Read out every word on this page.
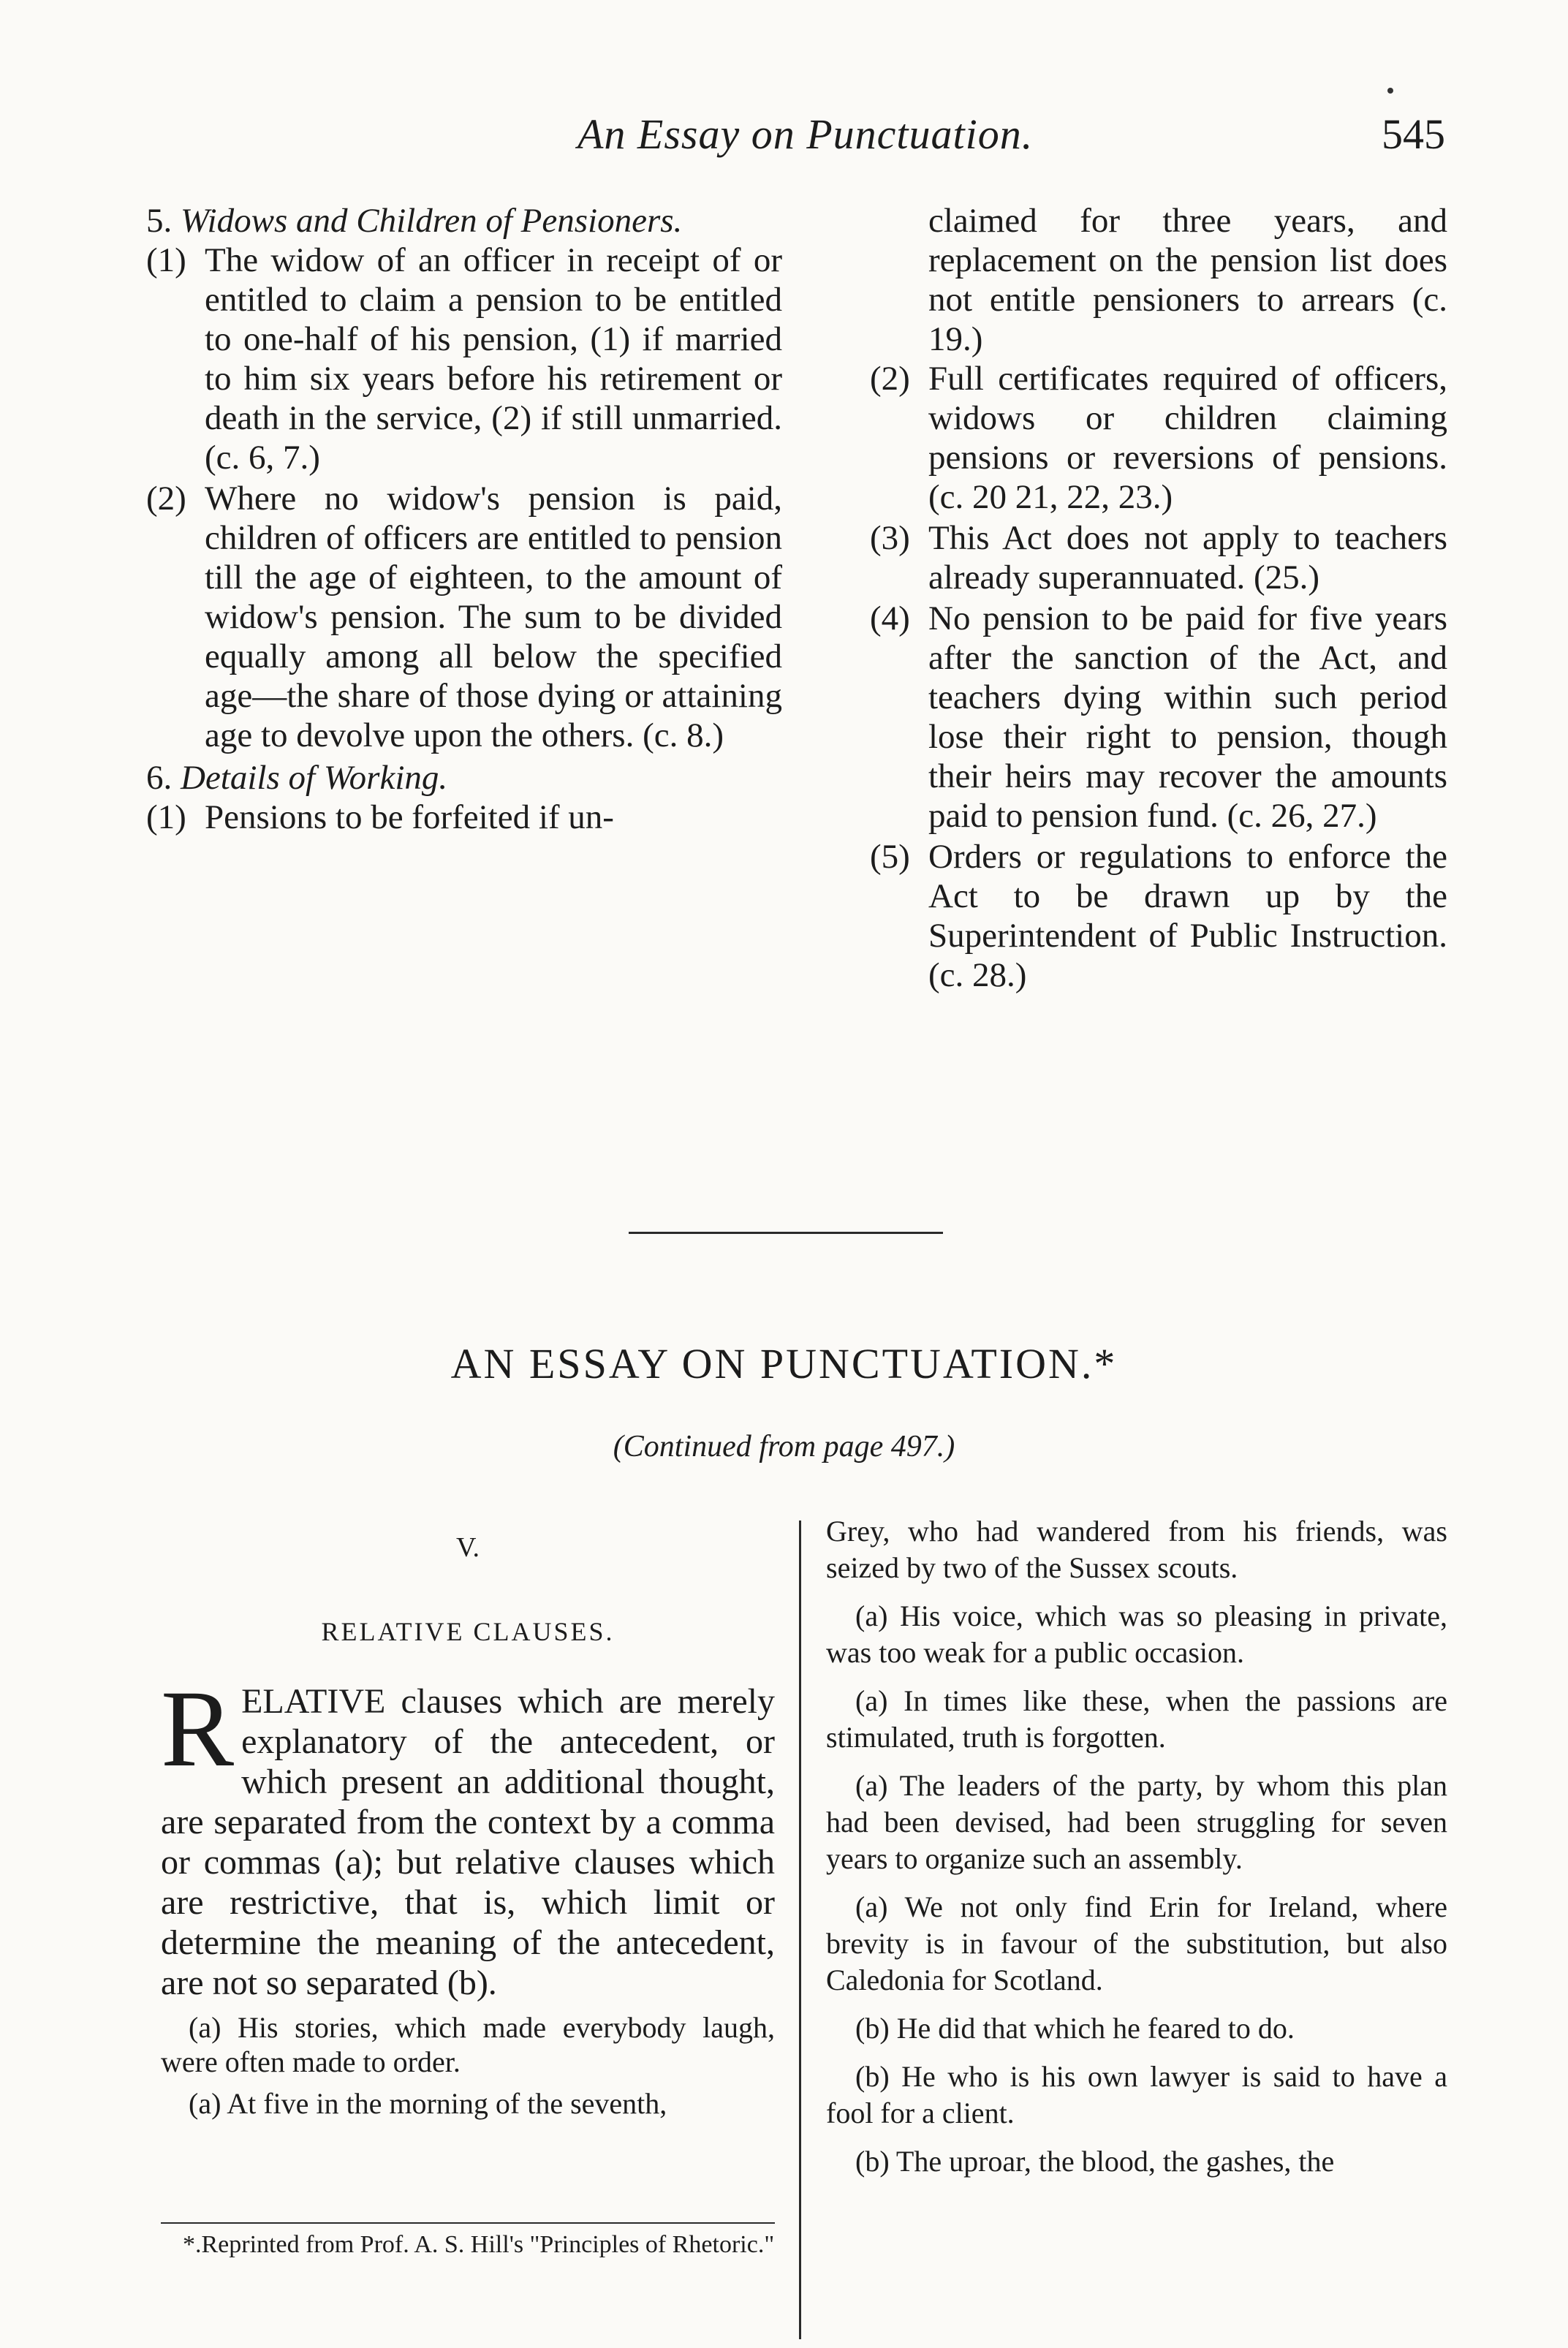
An Essay on Punctuation.	545

5. Widows and Children of Pensioners.

(1) The widow of an officer in receipt of or entitled to claim a pension to be entitled to one-half of his pension, (1) if married to him six years before his retirement or death in the service, (2) if still unmarried. (c. 6, 7.)
(2) Where no widow's pension is paid, children of officers are entitled to pension till the age of eighteen, to the amount of widow's pension. The sum to be divided equally among all below the specified age—the share of those dying or attaining age to devolve upon the others. (c. 8.)

6. Details of Working.

(1) Pensions to be forfeited if un-

claimed for three years, and replacement on the pension list does not entitle pensioners to arrears (c. 19.)

(2) Full certificates required of officers, widows or children claiming pensions or reversions of pensions. (c. 20 21, 22, 23.)
(3) This Act does not apply to teachers already superannuated. (25.)
(4) No pension to be paid for five years after the sanction of the Act, and teachers dying within such period lose their right to pension, though their heirs may recover the amounts paid to pension fund. (c. 26, 27.)
(5) Orders or regulations to enforce the Act to be drawn up by the Superintendent of Public Instruction. (c. 28.)
AN ESSAY ON PUNCTUATION.*
(Continued from page 497.)

V.

RELATIVE CLAUSES.

R ELATIVE clauses which are merely explanatory of the antecedent, or which present an additional thought, are separated from the context by a comma or commas (a); but relative clauses which are restrictive, that is, which limit or determine the meaning of the antecedent, are not so separated (b).

(a) His stories, which made everybody laugh, were often made to order.

(a) At five in the morning of the seventh,

Grey, who had wandered from his friends, was seized by two of the Sussex scouts.

(a) His voice, which was so pleasing in private, was too weak for a public occasion.

(a) In times like these, when the passions are stimulated, truth is forgotten.

(a) The leaders of the party, by whom this plan had been devised, had been struggling for seven years to organize such an assembly.

(a) We not only find Erin for Ireland, where brevity is in favour of the substitution, but also Caledonia for Scotland.

(b) He did that which he feared to do.

(b) He who is his own lawyer is said to have a fool for a client.

(b) The uproar, the blood, the gashes, the

*.Reprinted from Prof. A. S. Hill's "Principles of Rhetoric."
